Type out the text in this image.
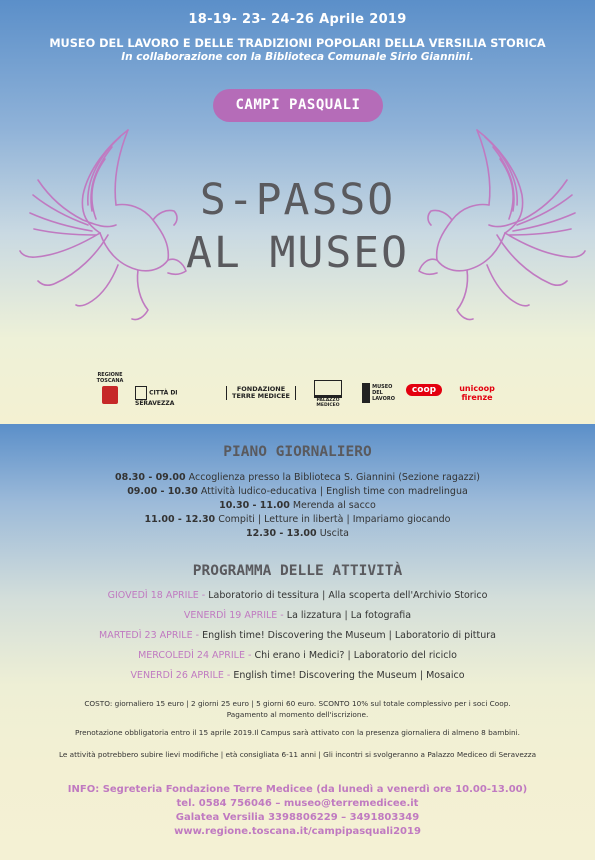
18-19- 23- 24-26 Aprile 2019
MUSEO DEL LAVORO E DELLE TRADIZIONI POPOLARI DELLA VERSILIA STORICA
In collaborazione con la Biblioteca Comunale Sirio Giannini.
CAMPI PASQUALI
S-PASSO
AL MUSEO
REGIONE TOSCANA
CITTÀ DI SERAVEZZA
FONDAZIONE TERRE MEDICEE
PALAZZO MEDICEO
MUSEO DEL LAVORO
coop	unicoop firenze
PIANO GIORNALIERO
08.30 - 09.00 Accoglienza presso la Biblioteca S. Giannini (Sezione ragazzi)
09.00 - 10.30 Attività ludico-educativa | English time con madrelingua
10.30 - 11.00 Merenda al sacco
11.00 - 12.30 Compiti | Letture in libertà | Impariamo giocando
12.30 - 13.00 Uscita
PROGRAMMA DELLE ATTIVITÀ
GIOVEDÌ 18 APRILE - Laboratorio di tessitura | Alla scoperta dell'Archivio Storico
VENERDÌ 19 APRILE - La lizzatura | La fotografia
MARTEDÌ 23 APRILE - English time! Discovering the Museum | Laboratorio di pittura
MERCOLEDÌ 24 APRILE - Chi erano i Medici? | Laboratorio del riciclo
VENERDÌ 26 APRILE - English time! Discovering the Museum | Mosaico
COSTO: giornaliero 15 euro | 2 giorni 25 euro | 5 giorni 60 euro. SCONTO 10% sul totale complessivo per i soci Coop.
Pagamento al momento dell'iscrizione.
Prenotazione obbligatoria entro il 15 aprile 2019.Il Campus sarà attivato con la presenza giornaliera di almeno 8 bambini.
Le attività potrebbero subire lievi modifiche | età consigliata 6-11 anni | Gli incontri si svolgeranno a Palazzo Mediceo di Seravezza
INFO: Segreteria Fondazione Terre Medicee (da lunedì a venerdì ore 10.00-13.00)
tel. 0584 756046 – museo@terremedicee.it
Galatea Versilia 3398806229 – 3491803349
www.regione.toscana.it/campipasquali2019
